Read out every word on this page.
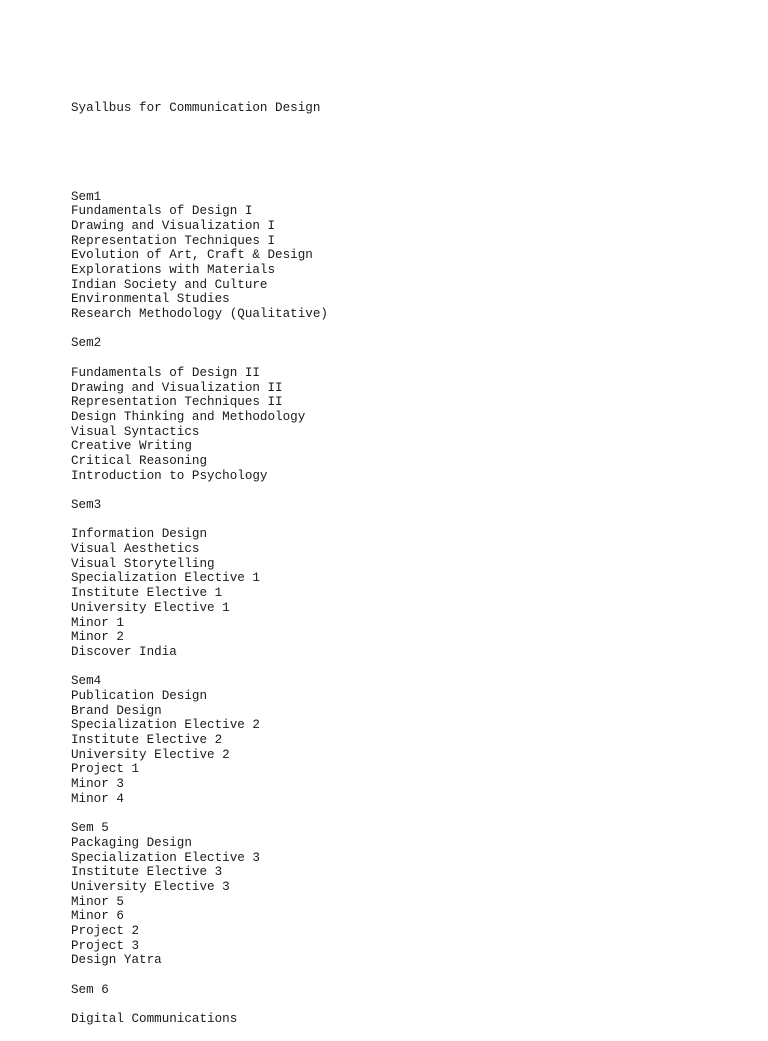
Syallbus for Communication Design

Sem1
Fundamentals of Design I
Drawing and Visualization I
Representation Techniques I
Evolution of Art, Craft & Design
Explorations with Materials
Indian Society and Culture
Environmental Studies
Research Methodology (Qualitative)
Sem2
Fundamentals of Design II
Drawing and Visualization II
Representation Techniques II
Design Thinking and Methodology
Visual Syntactics
Creative Writing
Critical Reasoning
Introduction to Psychology
Sem3
Information Design
Visual Aesthetics
Visual Storytelling
Specialization Elective 1
Institute Elective 1
University Elective 1
Minor 1
Minor 2
Discover India
Sem4
Publication Design
Brand Design
Specialization Elective 2
Institute Elective 2
University Elective 2
Project 1
Minor 3
Minor 4
Sem 5
Packaging Design
Specialization Elective 3
Institute Elective 3
University Elective 3
Minor 5
Minor 6
Project 2
Project 3
Design Yatra
Sem 6
Digital Communications
